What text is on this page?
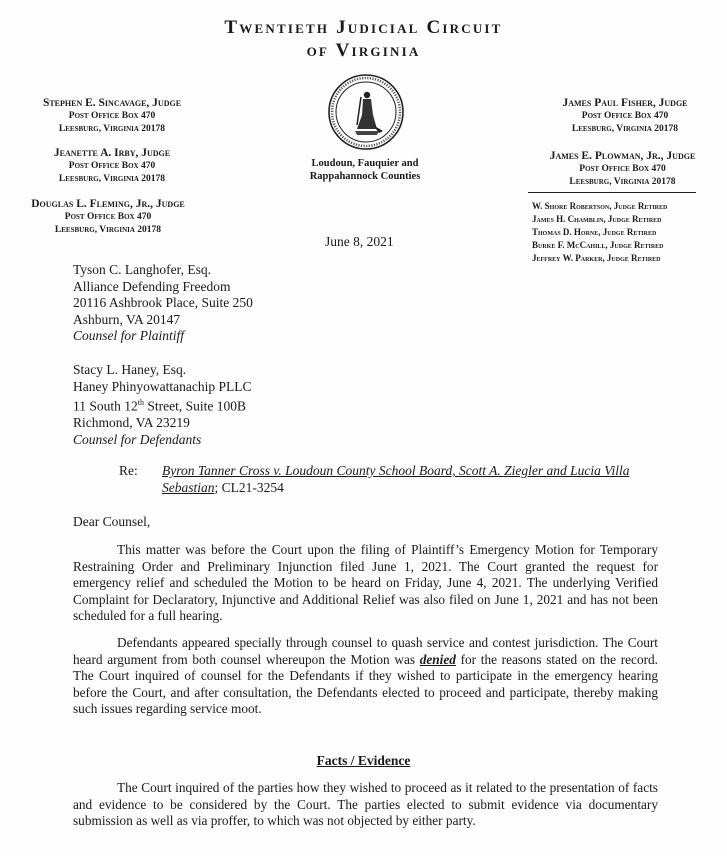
Twentieth Judicial Circuit
of Virginia
Loudoun, Fauquier and
Rappahannock Counties
Stephen E. Sincavage, Judge
Post Office Box 470
Leesburg, Virginia 20178
Jeanette A. Irby, Judge
Post Office Box 470
Leesburg, Virginia 20178
Douglas L. Fleming, Jr., Judge
Post Office Box 470
Leesburg, Virginia 20178
James Paul Fisher, Judge
Post Office Box 470
Leesburg, Virginia 20178
James E. Plowman, Jr., Judge
Post Office Box 470
Leesburg, Virginia 20178
W. Shore Robertson, Judge Retired
James H. Chamblin, Judge Retired
Thomas D. Horne, Judge Retired
Burke F. McCahill, Judge Retired
Jeffrey W. Parker, Judge Retired
June 8, 2021
Tyson C. Langhofer, Esq.
Alliance Defending Freedom
20116 Ashbrook Place, Suite 250
Ashburn, VA 20147
Counsel for Plaintiff
Stacy L. Haney, Esq.
Haney Phinyowattanachip PLLC
11 South 12th Street, Suite 100B
Richmond, VA 23219
Counsel for Defendants
Re: Byron Tanner Cross v. Loudoun County School Board, Scott A. Ziegler and Lucia Villa
Sebastian; CL21-3254
Dear Counsel,
This matter was before the Court upon the filing of Plaintiff’s Emergency Motion for Temporary Restraining Order and Preliminary Injunction filed June 1, 2021. The Court granted the request for emergency relief and scheduled the Motion to be heard on Friday, June 4, 2021. The underlying Verified Complaint for Declaratory, Injunctive and Additional Relief was also filed on June 1, 2021 and has not been scheduled for a full hearing.
Defendants appeared specially through counsel to quash service and contest jurisdiction. The Court heard argument from both counsel whereupon the Motion was denied for the reasons stated on the record. The Court inquired of counsel for the Defendants if they wished to participate in the emergency hearing before the Court, and after consultation, the Defendants elected to proceed and participate, thereby making such issues regarding service moot.
Facts / Evidence
The Court inquired of the parties how they wished to proceed as it related to the presentation of facts and evidence to be considered by the Court. The parties elected to submit evidence via documentary submission as well as via proffer, to which was not objected by either party.
